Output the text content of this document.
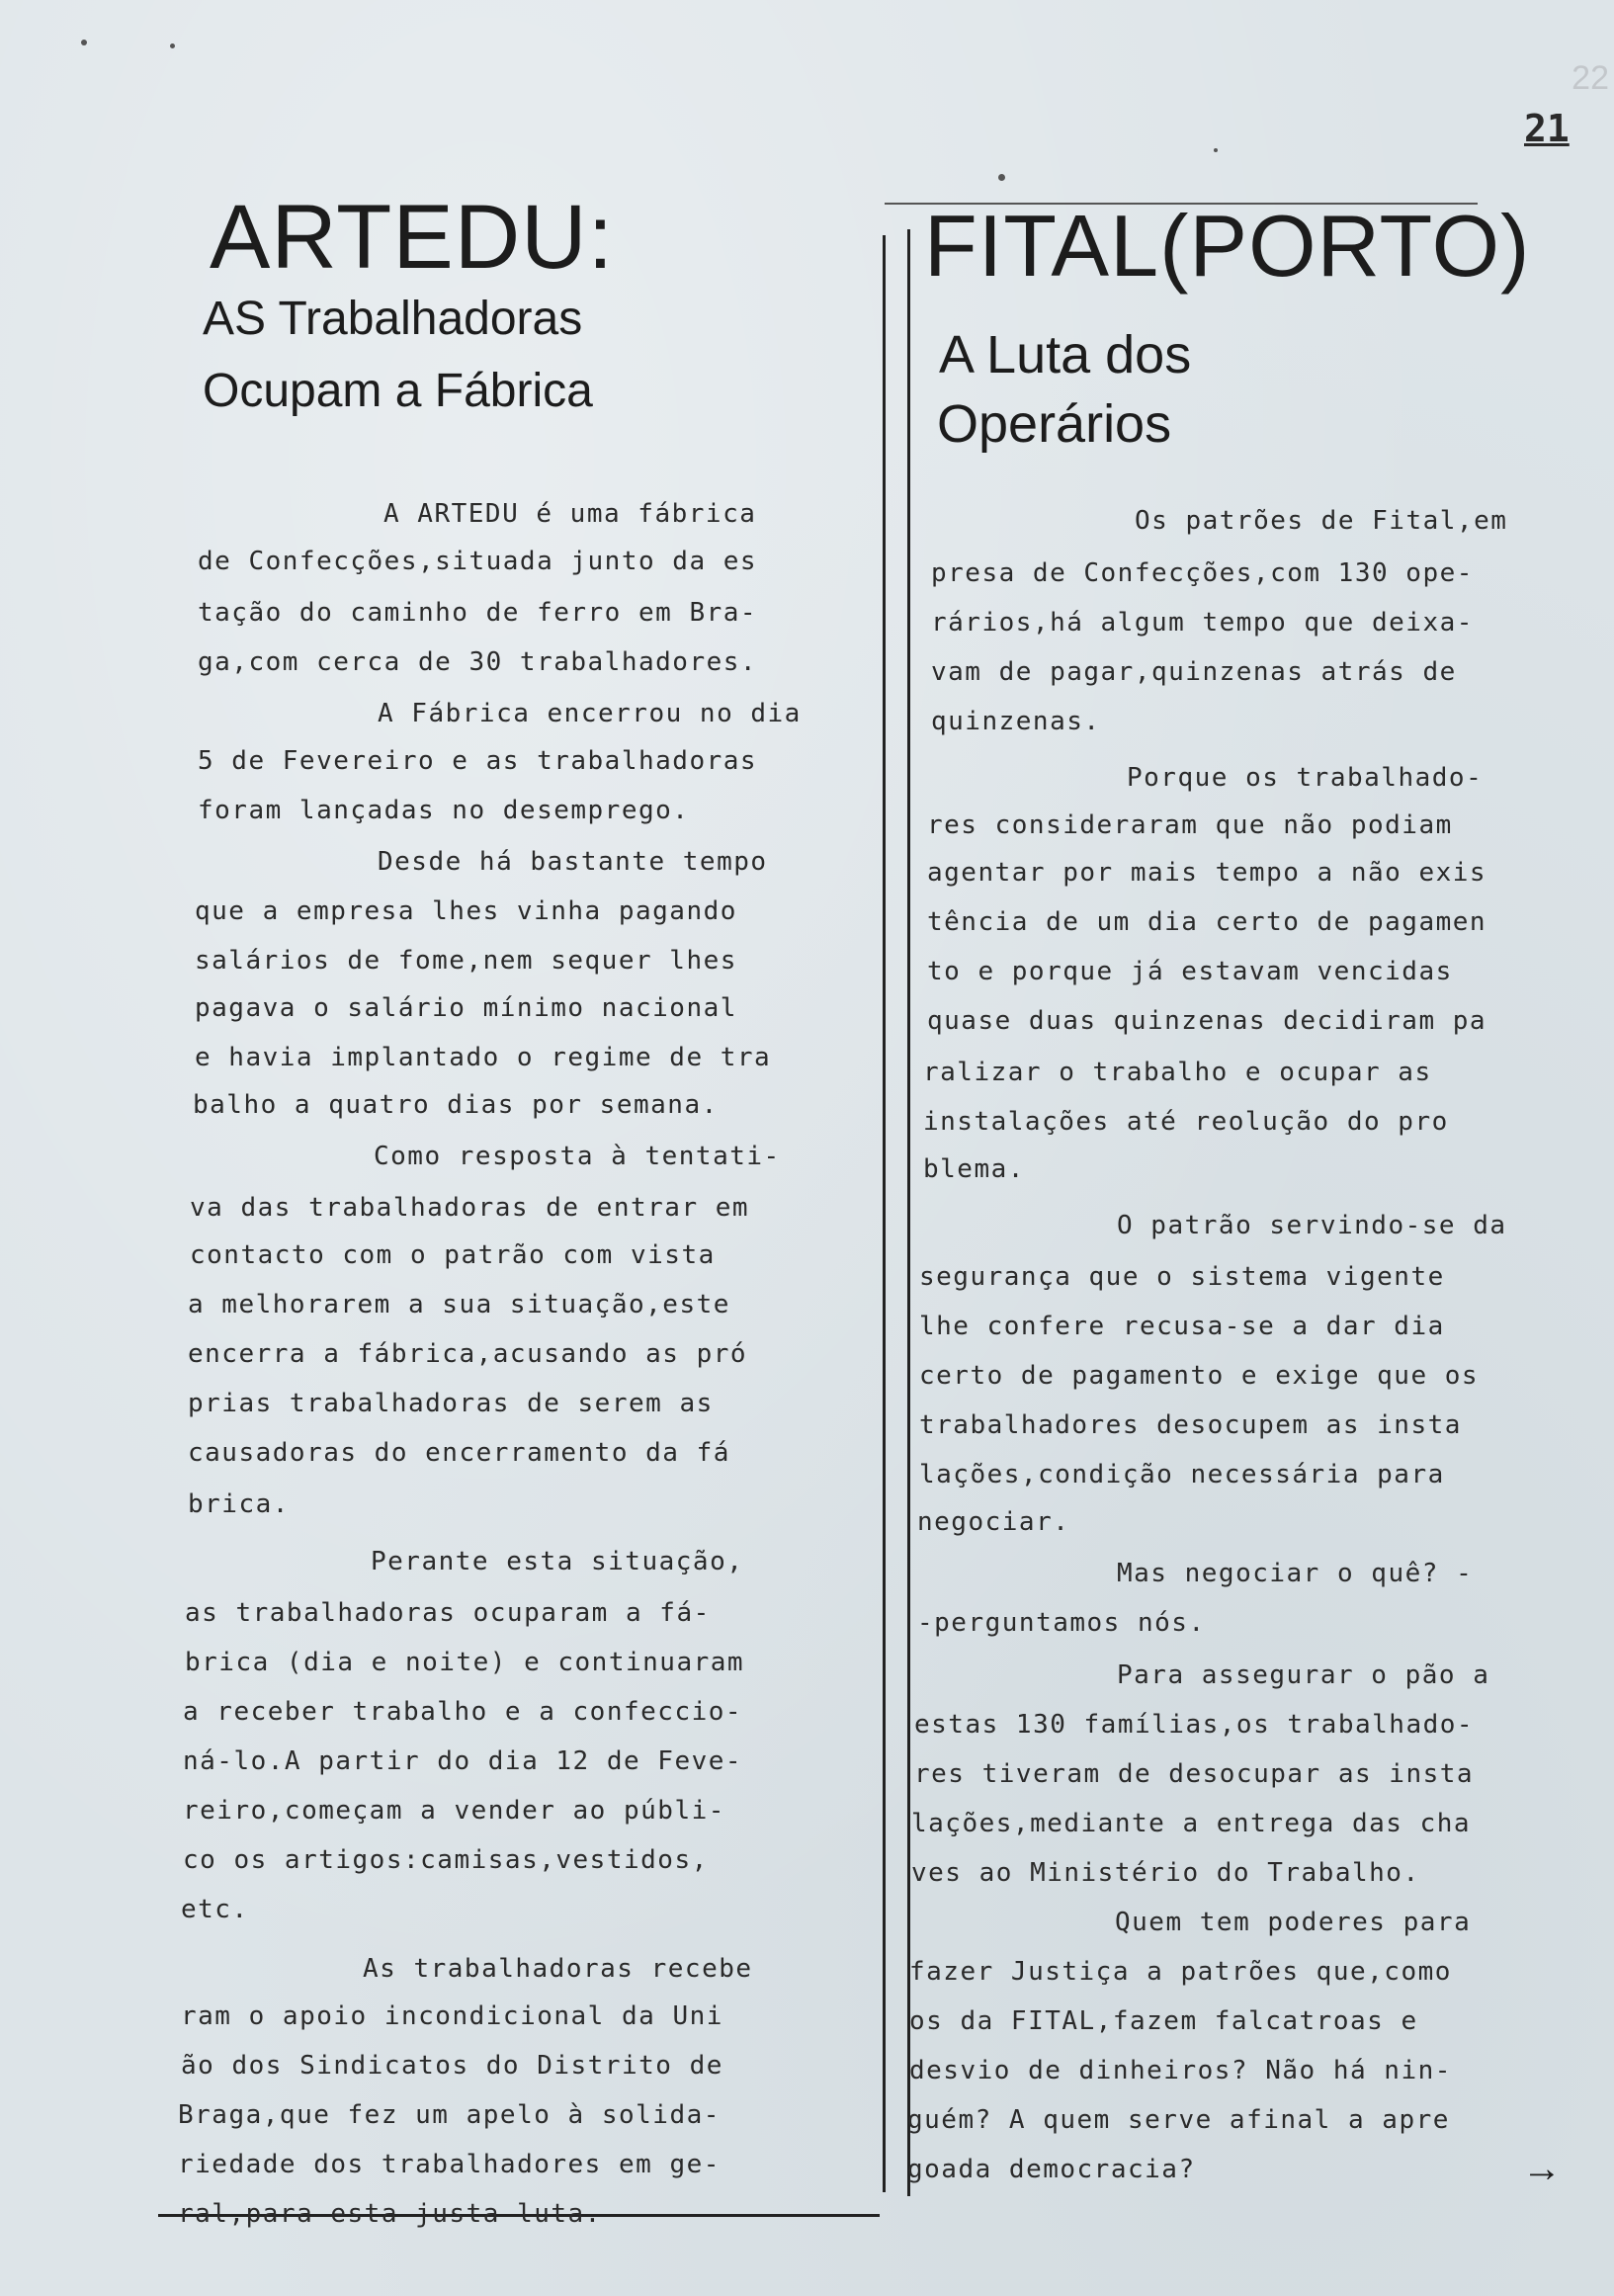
21
22
ARTEDU:
AS Trabalhadoras
Ocupam a Fábrica
A ARTEDU é uma fábrica
de Confecções,situada junto da es
tação do caminho de ferro em Bra-
ga,com cerca de 30 trabalhadores.
A Fábrica encerrou no dia
5 de Fevereiro e as trabalhadoras
foram lançadas no desemprego.
Desde há bastante tempo
que a empresa lhes vinha pagando
salários de fome,nem sequer lhes
pagava o salário mínimo nacional
e havia implantado o regime de tra
balho a quatro dias por semana.
Como resposta à tentati-
va das trabalhadoras de entrar em
contacto com o patrão com vista
a melhorarem a sua situação,este
encerra a fábrica,acusando as pró
prias trabalhadoras de serem as
causadoras do encerramento da fá
brica.
Perante esta situação,
as trabalhadoras ocuparam a fá-
brica (dia e noite) e continuaram
a receber trabalho e a confeccio-
ná-lo.A partir do dia 12 de Feve-
reiro,começam a vender ao públi-
co os artigos:camisas,vestidos,
etc.
As trabalhadoras recebe
ram o apoio incondicional da Uni
ão dos Sindicatos do Distrito de
Braga,que fez um apelo à solida-
riedade dos trabalhadores em ge-
ral,para esta justa luta.
FITAL(PORTO)
A Luta dos
Operários
Os patrões de Fital,em
presa de Confecções,com 130 ope-
rários,há algum tempo que deixa-
vam de pagar,quinzenas atrás de
quinzenas.
Porque os trabalhado-
res consideraram que não podiam
agentar por mais tempo a não exis
tência de um dia certo de pagamen
to e porque já estavam vencidas
quase duas quinzenas decidiram pa
ralizar o trabalho e ocupar as
instalações até reolução do pro
blema.
O patrão servindo-se da
segurança que o sistema vigente
lhe confere recusa-se a dar dia
certo de pagamento e exige que os
trabalhadores desocupem as insta
lações,condição necessária para
negociar.
Mas negociar o quê? -
-perguntamos nós.
Para assegurar o pão a
estas 130 famílias,os trabalhado-
res tiveram de desocupar as insta
lações,mediante a entrega das cha
ves ao Ministério do Trabalho.
Quem tem poderes para
fazer Justiça a patrões que,como
os da FITAL,fazem falcatroas e
desvio de dinheiros? Não há nin-
guém? A quem serve afinal a apre
goada democracia?	→
